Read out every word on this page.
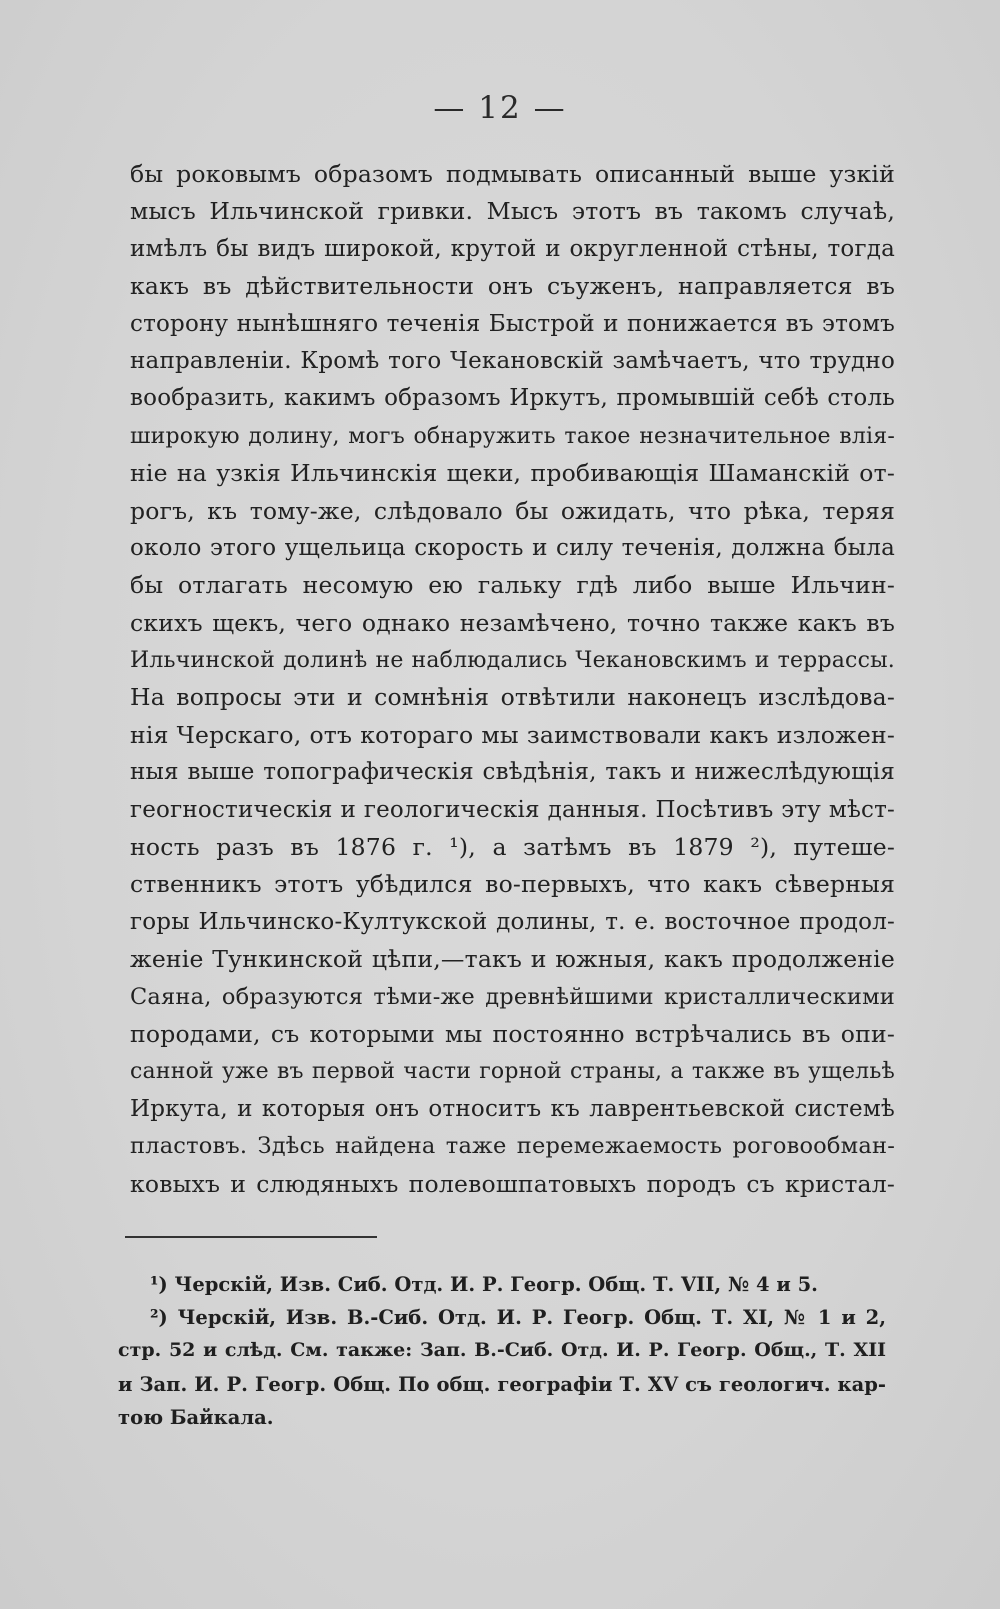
— 12 —
бы роковымъ образомъ подмывать описанный выше узкій
мысъ Ильчинской гривки. Мысъ этотъ въ такомъ случаѣ,
имѣлъ бы видъ широкой, крутой и округленной стѣны, тогда
какъ въ дѣйствительности онъ съуженъ, направляется въ
сторону нынѣшняго теченія Быстрой и понижается въ этомъ
направленіи. Кромѣ того Чекановскій замѣчаетъ, что трудно
вообразить, какимъ образомъ Иркутъ, промывшій себѣ столь
широкую долину, могъ обнаружить такое незначительное влія-
ніе на узкія Ильчинскія щеки, пробивающія Шаманскій от-
рогъ, къ тому-же, слѣдовало бы ожидать, что рѣка, теряя
около этого ущельица скорость и силу теченія, должна была
бы отлагать несомую ею гальку гдѣ либо выше Ильчин-
скихъ щекъ, чего однако незамѣчено, точно также какъ въ
Ильчинской долинѣ не наблюдались Чекановскимъ и террассы.
На вопросы эти и сомнѣнія отвѣтили наконецъ изслѣдова-
нія Черскаго, отъ котораго мы заимствовали какъ изложен-
ныя выше топографическія свѣдѣнія, такъ и нижеслѣдующія
геогностическія и геологическія данныя. Посѣтивъ эту мѣст-
ность разъ въ 1876 г. ¹), а затѣмъ въ 1879 ²), путеше-
ственникъ этотъ убѣдился во-первыхъ, что какъ сѣверныя
горы Ильчинско-Култукской долины, т. е. восточное продол-
женіе Тункинской цѣпи,—такъ и южныя, какъ продолженіе
Саяна, образуются тѣми-же древнѣйшими кристаллическими
породами, съ которыми мы постоянно встрѣчались въ опи-
санной уже въ первой части горной страны, а также въ ущельѣ
Иркута, и которыя онъ относитъ къ лаврентьевской системѣ
пластовъ. Здѣсь найдена таже перемежаемость роговообман-
ковыхъ и слюдяныхъ полевошпатовыхъ породъ съ кристал-
¹) Черскій, Изв. Сиб. Отд. И. Р. Геогр. Общ. Т. VII, № 4 и 5.
²) Черскій, Изв. В.-Сиб. Отд. И. Р. Геогр. Общ. Т. XI, № 1 и 2,
стр. 52 и слѣд. См. также: Зап. В.-Сиб. Отд. И. Р. Геогр. Общ., Т. XII
и Зап. И. Р. Геогр. Общ. По общ. географіи Т. XV съ геологич. кар-
тою Байкала.
